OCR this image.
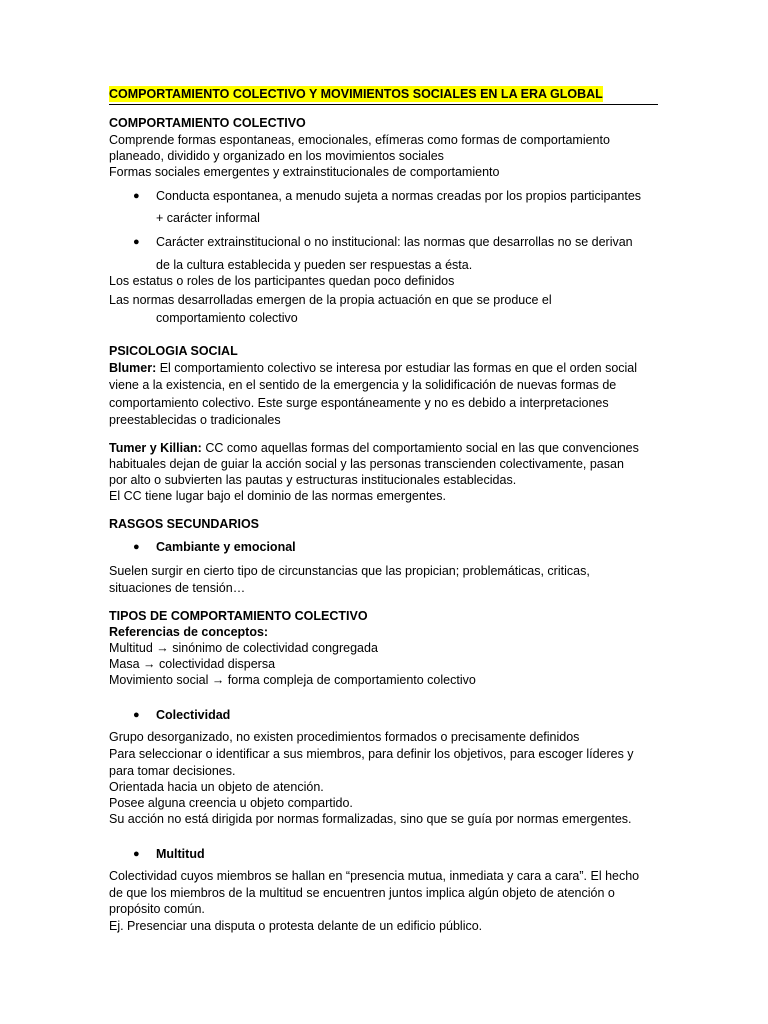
COMPORTAMIENTO COLECTIVO Y MOVIMIENTOS SOCIALES EN LA ERA GLOBAL

COMPORTAMIENTO COLECTIVO

Comprende formas espontaneas, emocionales, efímeras como formas de comportamiento

planeado, dividido y organizado en los movimientos sociales

Formas sociales emergentes y extrainstitucionales de comportamiento

● Conducta espontanea, a menudo sujeta a normas creadas por los propios participantes

+ carácter informal

● Carácter extrainstitucional o no institucional: las normas que desarrollas no se derivan

de la cultura establecida y pueden ser respuestas a ésta.

Los estatus o roles de los participantes quedan poco definidos

Las normas desarrolladas emergen de la propia actuación en que se produce el

comportamiento colectivo

PSICOLOGIA SOCIAL

Blumer: El comportamiento colectivo se interesa por estudiar las formas en que el orden social

viene a la existencia, en el sentido de la emergencia y la solidificación de nuevas formas de

comportamiento colectivo. Este surge espontáneamente y no es debido a interpretaciones

preestablecidas o tradicionales

Tumer y Killian: CC como aquellas formas del comportamiento social en las que convenciones

habituales dejan de guiar la acción social y las personas transcienden colectivamente, pasan

por alto o subvierten las pautas y estructuras institucionales establecidas.

El CC tiene lugar bajo el dominio de las normas emergentes.

RASGOS SECUNDARIOS

● Cambiante y emocional

Suelen surgir en cierto tipo de circunstancias que las propician; problemáticas, criticas,

situaciones de tensión…

TIPOS DE COMPORTAMIENTO COLECTIVO

Referencias de conceptos:

Multitud → sinónimo de colectividad congregada

Masa → colectividad dispersa

Movimiento social → forma compleja de comportamiento colectivo

● Colectividad

Grupo desorganizado, no existen procedimientos formados o precisamente definidos

Para seleccionar o identificar a sus miembros, para definir los objetivos, para escoger líderes y

para tomar decisiones.

Orientada hacia un objeto de atención.

Posee alguna creencia u objeto compartido.

Su acción no está dirigida por normas formalizadas, sino que se guía por normas emergentes.

● Multitud

Colectividad cuyos miembros se hallan en “presencia mutua, inmediata y cara a cara”. El hecho

de que los miembros de la multitud se encuentren juntos implica algún objeto de atención o

propósito común.

Ej. Presenciar una disputa o protesta delante de un edificio público.
